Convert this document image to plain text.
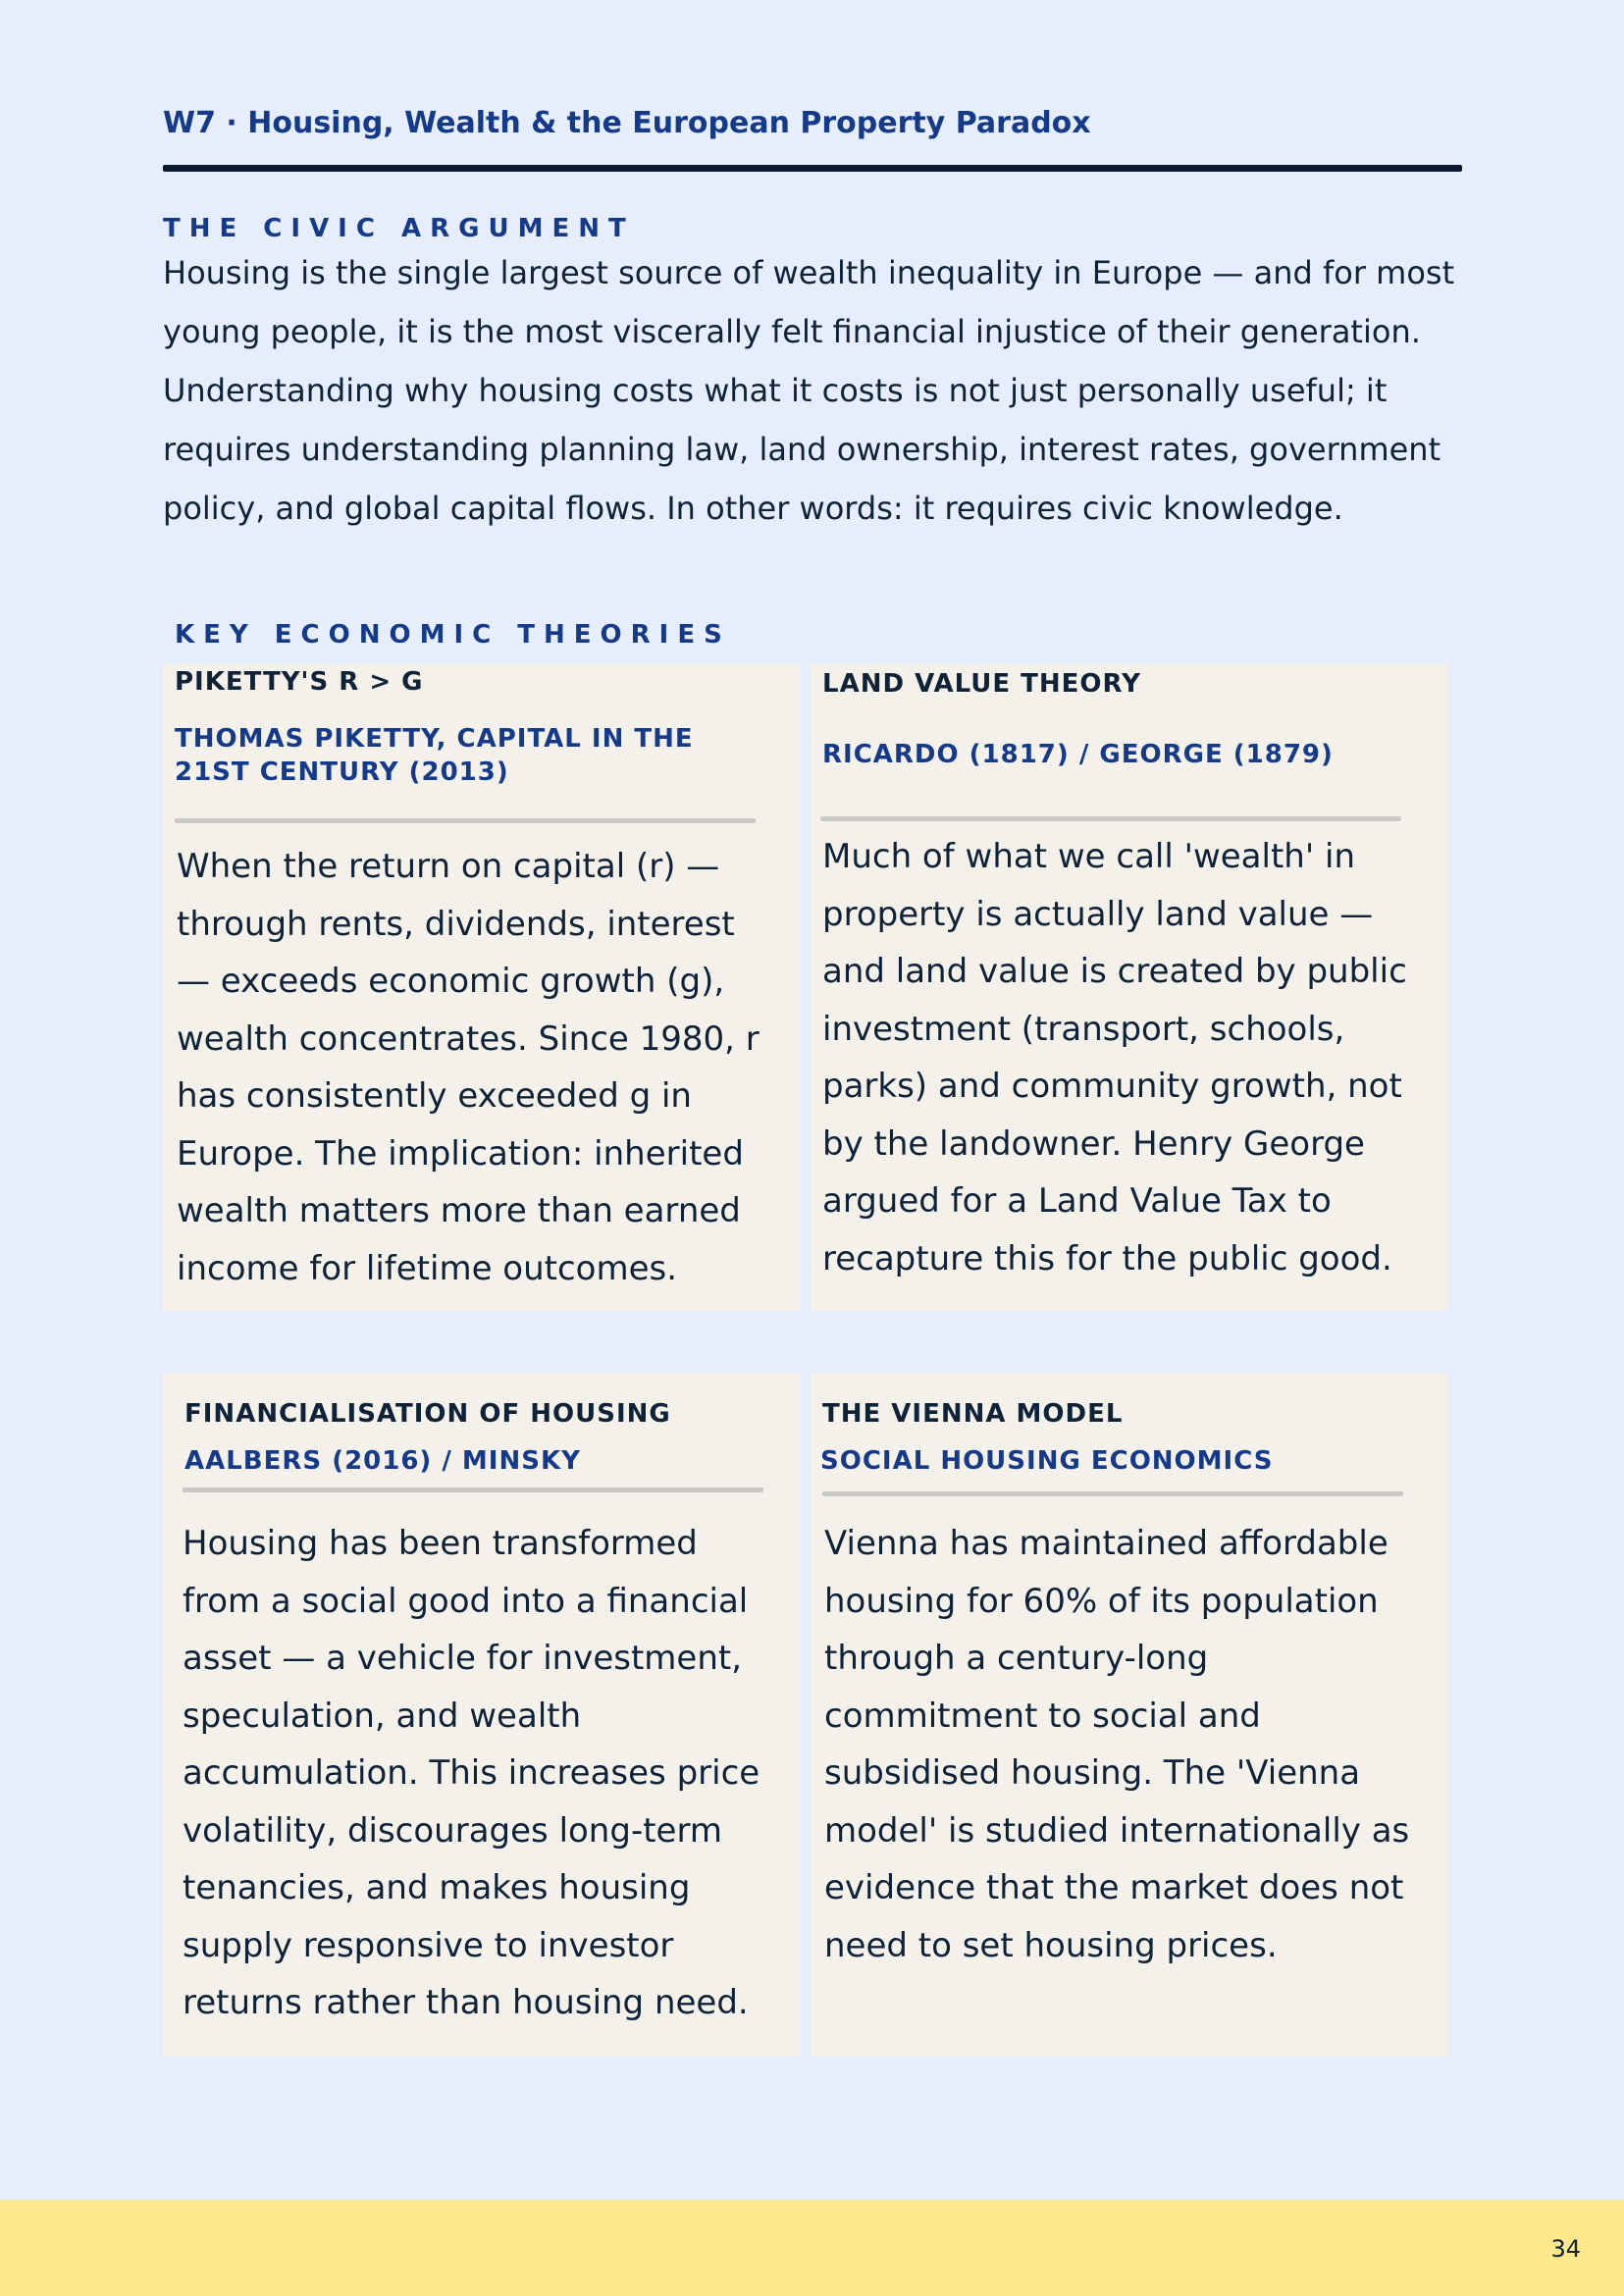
W7 · Housing, Wealth & the European Property Paradox
THE CIVIC ARGUMENT
Housing is the single largest source of wealth inequality in Europe — and for most young people, it is the most viscerally felt financial injustice of their generation. Understanding why housing costs what it costs is not just personally useful; it requires understanding planning law, land ownership, interest rates, government policy, and global capital flows. In other words: it requires civic knowledge.
KEY ECONOMIC THEORIES
PIKETTY'S R > G
THOMAS PIKETTY, CAPITAL IN THE 21ST CENTURY (2013)
When the return on capital (r) — through rents, dividends, interest — exceeds economic growth (g), wealth concentrates. Since 1980, r has consistently exceeded g in Europe. The implication: inherited wealth matters more than earned income for lifetime outcomes.
LAND VALUE THEORY
RICARDO (1817) / GEORGE (1879)
Much of what we call 'wealth' in property is actually land value — and land value is created by public investment (transport, schools, parks) and community growth, not by the landowner. Henry George argued for a Land Value Tax to recapture this for the public good.
FINANCIALISATION OF HOUSING
AALBERS (2016) / MINSKY
Housing has been transformed from a social good into a financial asset — a vehicle for investment, speculation, and wealth accumulation. This increases price volatility, discourages long-term tenancies, and makes housing supply responsive to investor returns rather than housing need.
THE VIENNA MODEL
SOCIAL HOUSING ECONOMICS
Vienna has maintained affordable housing for 60% of its population through a century-long commitment to social and subsidised housing. The 'Vienna model' is studied internationally as evidence that the market does not need to set housing prices.
34
